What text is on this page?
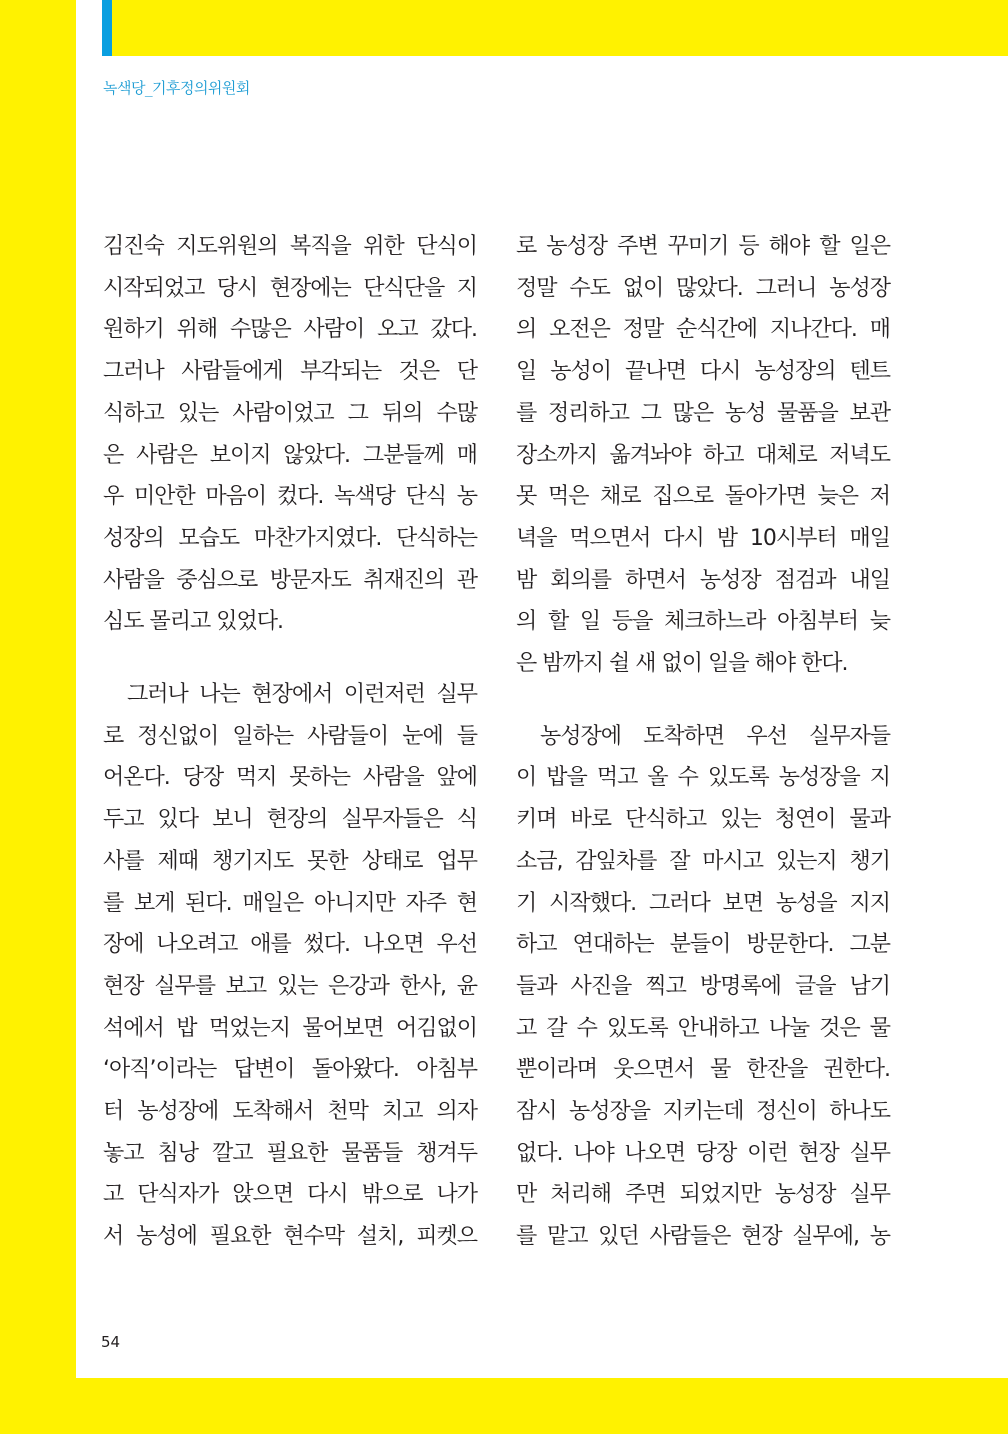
녹색당_기후정의위원회

김진숙 지도위원의 복직을 위한 단식이
시작되었고 당시 현장에는 단식단을 지
원하기 위해 수많은 사람이 오고 갔다.
그러나 사람들에게 부각되는 것은 단
식하고 있는 사람이었고 그 뒤의 수많
은 사람은 보이지 않았다. 그분들께 매
우 미안한 마음이 컸다. 녹색당 단식 농
성장의 모습도 마찬가지였다. 단식하는
사람을 중심으로 방문자도 취재진의 관
심도 몰리고 있었다.

그러나 나는 현장에서 이런저런 실무
로 정신없이 일하는 사람들이 눈에 들
어온다. 당장 먹지 못하는 사람을 앞에
두고 있다 보니 현장의 실무자들은 식
사를 제때 챙기지도 못한 상태로 업무
를 보게 된다. 매일은 아니지만 자주 현
장에 나오려고 애를 썼다. 나오면 우선
현장 실무를 보고 있는 은강과 한사, 윤
석에서 밥 먹었는지 물어보면 어김없이
‘아직’이라는 답변이 돌아왔다. 아침부
터 농성장에 도착해서 천막 치고 의자
놓고 침낭 깔고 필요한 물품들 챙겨두
고 단식자가 앉으면 다시 밖으로 나가
서 농성에 필요한 현수막 설치, 피켓으

로 농성장 주변 꾸미기 등 해야 할 일은
정말 수도 없이 많았다. 그러니 농성장
의 오전은 정말 순식간에 지나간다. 매
일 농성이 끝나면 다시 농성장의 텐트
를 정리하고 그 많은 농성 물품을 보관
장소까지 옮겨놔야 하고 대체로 저녁도
못 먹은 채로 집으로 돌아가면 늦은 저
녁을 먹으면서 다시 밤 10시부터 매일
밤 회의를 하면서 농성장 점검과 내일
의 할 일 등을 체크하느라 아침부터 늦
은 밤까지 쉴 새 없이 일을 해야 한다.

농성장에 도착하면 우선 실무자들
이 밥을 먹고 올 수 있도록 농성장을 지
키며 바로 단식하고 있는 청연이 물과
소금, 감잎차를 잘 마시고 있는지 챙기
기 시작했다. 그러다 보면 농성을 지지
하고 연대하는 분들이 방문한다. 그분
들과 사진을 찍고 방명록에 글을 남기
고 갈 수 있도록 안내하고 나눌 것은 물
뿐이라며 웃으면서 물 한잔을 권한다.
잠시 농성장을 지키는데 정신이 하나도
없다. 나야 나오면 당장 이런 현장 실무
만 처리해 주면 되었지만 농성장 실무
를 맡고 있던 사람들은 현장 실무에, 농

54
